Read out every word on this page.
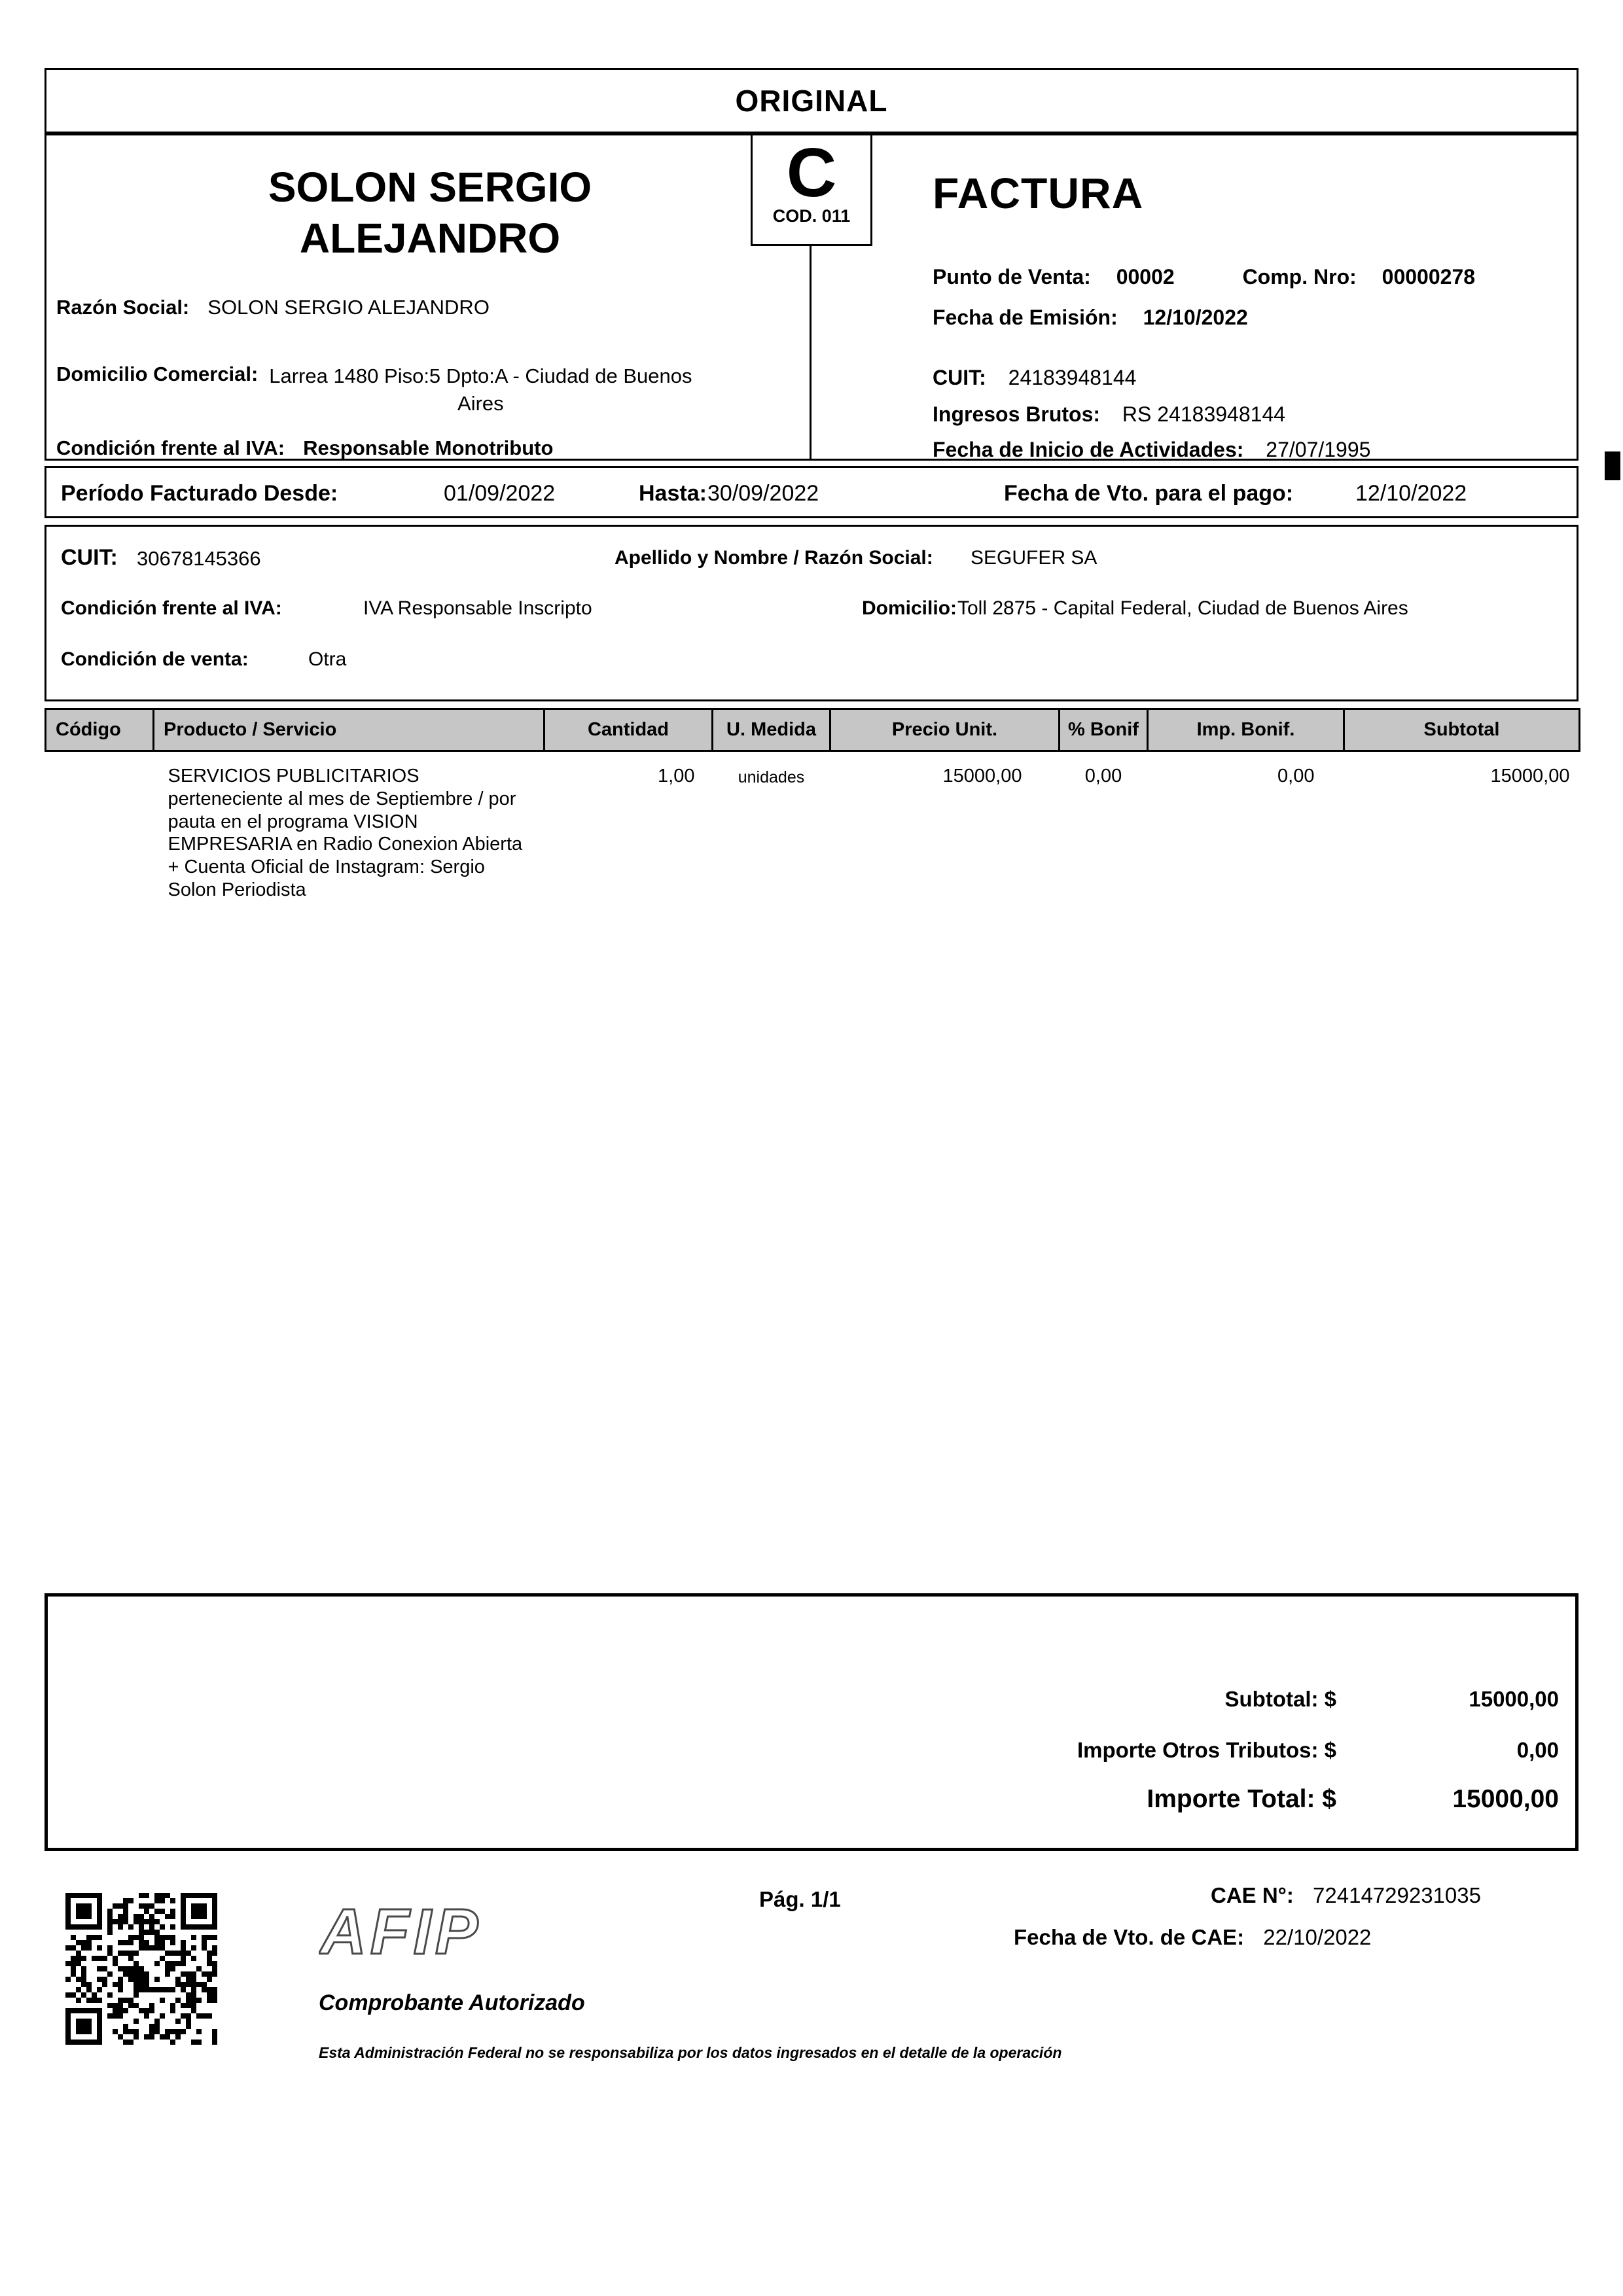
ORIGINAL
SOLON SERGIO ALEJANDRO
Razón Social: SOLON SERGIO ALEJANDRO
Domicilio Comercial: Larrea 1480 Piso:5 Dpto:A - Ciudad de Buenos Aires
Condición frente al IVA: Responsable Monotributo
FACTURA
Punto de Venta: 00002	Comp. Nro: 00000278
Fecha de Emisión: 12/10/2022
CUIT: 24183948144
Ingresos Brutos: RS 24183948144
Fecha de Inicio de Actividades: 27/07/1995
C
COD. 011
Período Facturado Desde:	01/09/2022	Hasta: 30/09/2022	Fecha de Vto. para el pago:	12/10/2022
CUIT: 30678145366	Apellido y Nombre / Razón Social: SEGUFER SA
Condición frente al IVA:	IVA Responsable Inscripto	Domicilio: Toll 2875 - Capital Federal, Ciudad de Buenos Aires
Condición de venta:	Otra
Código	Producto / Servicio	Cantidad	U. Medida	Precio Unit.	% Bonif	Imp. Bonif.	Subtotal
	SERVICIOS PUBLICITARIOS perteneciente al mes de Septiembre / por pauta en el programa VISION EMPRESARIA en Radio Conexion Abierta + Cuenta Oficial de Instagram: Sergio Solon Periodista	1,00	unidades	15000,00	0,00	0,00	15000,00
Subtotal: $	15000,00
Importe Otros Tributos: $	0,00
Importe Total: $	15000,00
AFIP
Comprobante Autorizado
Esta Administración Federal no se responsabiliza por los datos ingresados en el detalle de la operación
Pág. 1/1	CAE N°: 72414729231035
Fecha de Vto. de CAE: 22/10/2022
